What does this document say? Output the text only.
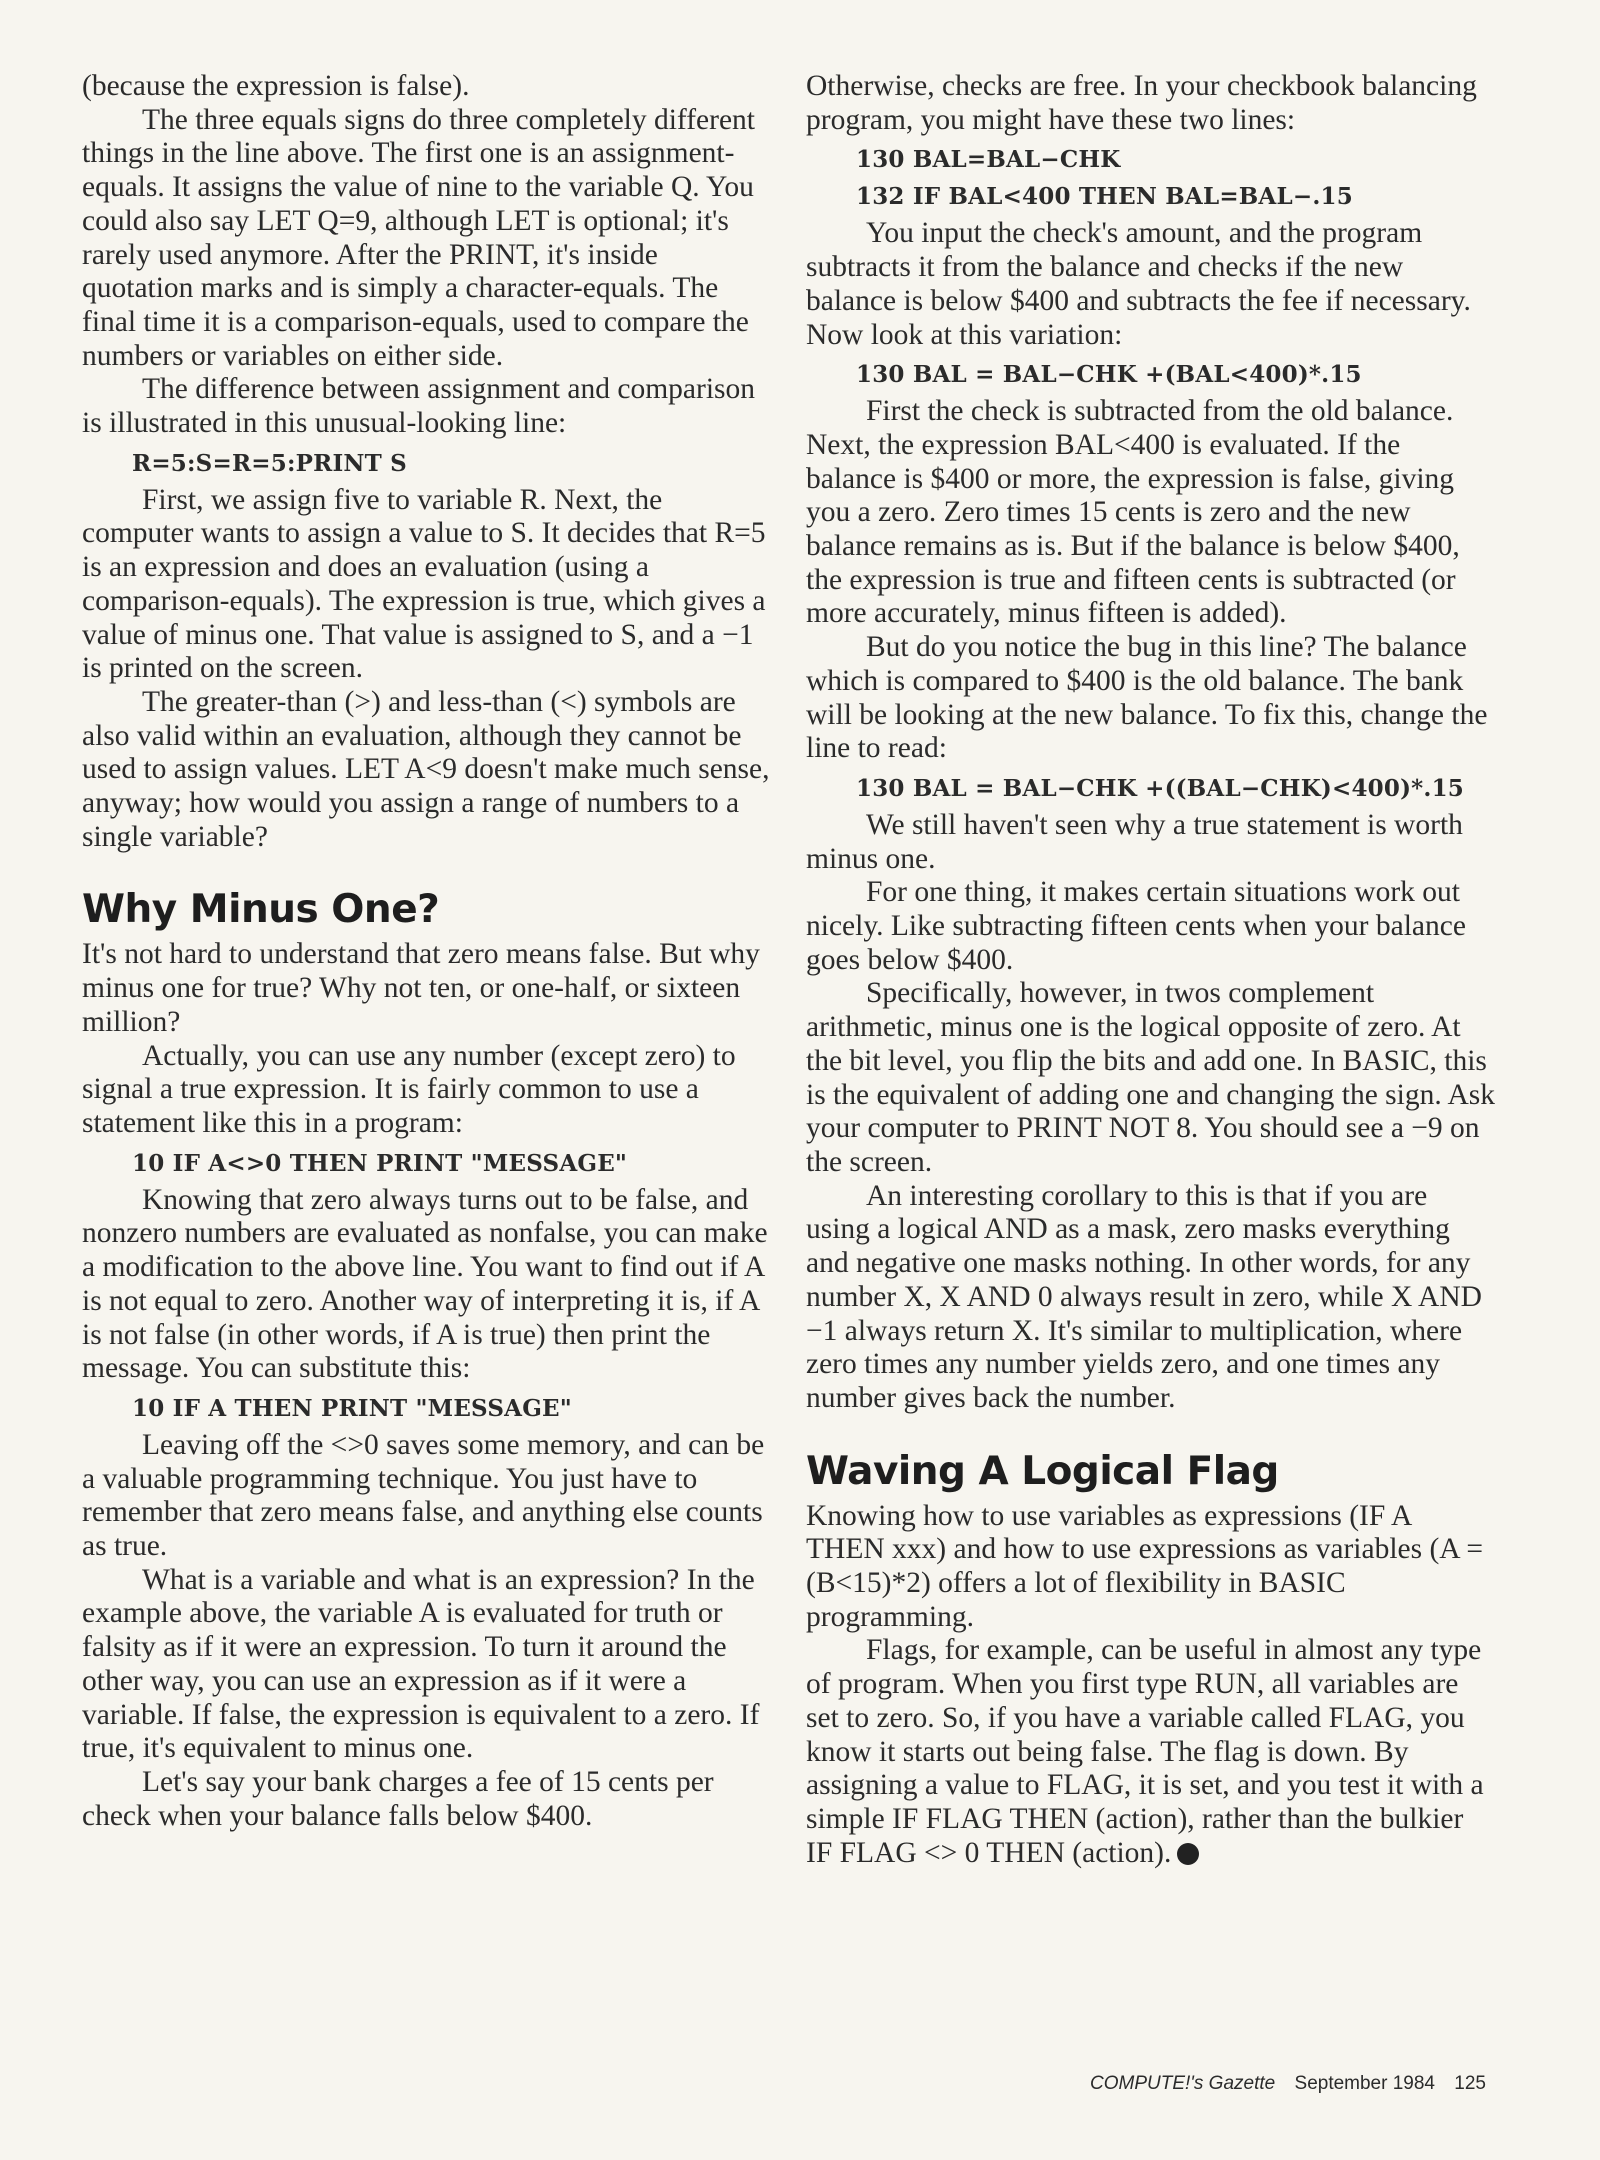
(because the expression is false).

The three equals signs do three completely different things in the line above. The first one is an assignment-equals. It assigns the value of nine to the variable Q. You could also say LET Q=9, although LET is optional; it's rarely used anymore. After the PRINT, it's inside quotation marks and is simply a character-equals. The final time it is a comparison-equals, used to compare the numbers or variables on either side.

The difference between assignment and comparison is illustrated in this unusual-looking line:

R=5:S=R=5:PRINT S

First, we assign five to variable R. Next, the computer wants to assign a value to S. It decides that R=5 is an expression and does an evaluation (using a comparison-equals). The expression is true, which gives a value of minus one. That value is assigned to S, and a −1 is printed on the screen.

The greater-than (>) and less-than (<) symbols are also valid within an evaluation, although they cannot be used to assign values. LET A<9 doesn't make much sense, anyway; how would you assign a range of numbers to a single variable?

Why Minus One?

It's not hard to understand that zero means false. But why minus one for true? Why not ten, or one-half, or sixteen million?

Actually, you can use any number (except zero) to signal a true expression. It is fairly common to use a statement like this in a program:

10 IF A<>0 THEN PRINT "MESSAGE"

Knowing that zero always turns out to be false, and nonzero numbers are evaluated as nonfalse, you can make a modification to the above line. You want to find out if A is not equal to zero. Another way of interpreting it is, if A is not false (in other words, if A is true) then print the message. You can substitute this:

10 IF A THEN PRINT "MESSAGE"

Leaving off the <>0 saves some memory, and can be a valuable programming technique. You just have to remember that zero means false, and anything else counts as true.

What is a variable and what is an expression? In the example above, the variable A is evaluated for truth or falsity as if it were an expression. To turn it around the other way, you can use an expression as if it were a variable. If false, the expression is equivalent to a zero. If true, it's equivalent to minus one.

Let's say your bank charges a fee of 15 cents per check when your balance falls below $400.

Otherwise, checks are free. In your checkbook balancing program, you might have these two lines:

130 BAL=BAL−CHK
132 IF BAL<400 THEN BAL=BAL−.15

You input the check's amount, and the program subtracts it from the balance and checks if the new balance is below $400 and subtracts the fee if necessary. Now look at this variation:

130 BAL = BAL−CHK +(BAL<400)*.15

First the check is subtracted from the old balance. Next, the expression BAL<400 is evaluated. If the balance is $400 or more, the expression is false, giving you a zero. Zero times 15 cents is zero and the new balance remains as is. But if the balance is below $400, the expression is true and fifteen cents is subtracted (or more accurately, minus fifteen is added).

But do you notice the bug in this line? The balance which is compared to $400 is the old balance. The bank will be looking at the new balance. To fix this, change the line to read:

130 BAL = BAL−CHK +((BAL−CHK)<400)*.15

We still haven't seen why a true statement is worth minus one.

For one thing, it makes certain situations work out nicely. Like subtracting fifteen cents when your balance goes below $400.

Specifically, however, in twos complement arithmetic, minus one is the logical opposite of zero. At the bit level, you flip the bits and add one. In BASIC, this is the equivalent of adding one and changing the sign. Ask your computer to PRINT NOT 8. You should see a −9 on the screen.

An interesting corollary to this is that if you are using a logical AND as a mask, zero masks everything and negative one masks nothing. In other words, for any number X, X AND 0 always result in zero, while X AND −1 always return X. It's similar to multiplication, where zero times any number yields zero, and one times any number gives back the number.

Waving A Logical Flag

Knowing how to use variables as expressions (IF A THEN xxx) and how to use expressions as variables (A = (B<15)*2) offers a lot of flexibility in BASIC programming.

Flags, for example, can be useful in almost any type of program. When you first type RUN, all variables are set to zero. So, if you have a variable called FLAG, you know it starts out being false. The flag is down. By assigning a value to FLAG, it is set, and you test it with a simple IF FLAG THEN (action), rather than the bulkier IF FLAG <> 0 THEN (action).

COMPUTE!'s Gazette September 1984 125
